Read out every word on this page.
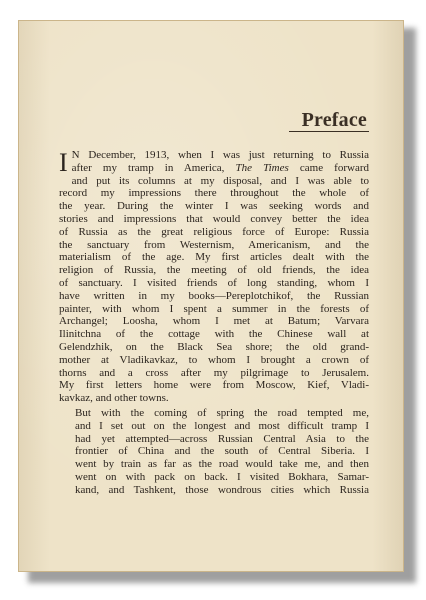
Preface
I N December, 1913, when I was just returning to Russia
after my tramp in America, The Times came forward
and put its columns at my disposal, and I was able to
record my impressions there throughout the whole of
the year. During the winter I was seeking words and
stories and impressions that would convey better the idea
of Russia as the great religious force of Europe: Russia
the sanctuary from Westernism, Americanism, and the
materialism of the age. My first articles dealt with the
religion of Russia, the meeting of old friends, the idea
of sanctuary. I visited friends of long standing, whom I
have written in my books—Pereplotchikof, the Russian
painter, with whom I spent a summer in the forests of
Archangel; Loosha, whom I met at Batum; Varvara
Ilinitchna of the cottage with the Chinese wall at
Gelendzhik, on the Black Sea shore; the old grand-
mother at Vladikavkaz, to whom I brought a crown of
thorns and a cross after my pilgrimage to Jerusalem.
My first letters home were from Moscow, Kief, Vladi-
kavkaz, and other towns.
But with the coming of spring the road tempted me,
and I set out on the longest and most difficult tramp I
had yet attempted—across Russian Central Asia to the
frontier of China and the south of Central Siberia. I
went by train as far as the road would take me, and then
went on with pack on back. I visited Bokhara, Samar-
kand, and Tashkent, those wondrous cities which Russia
